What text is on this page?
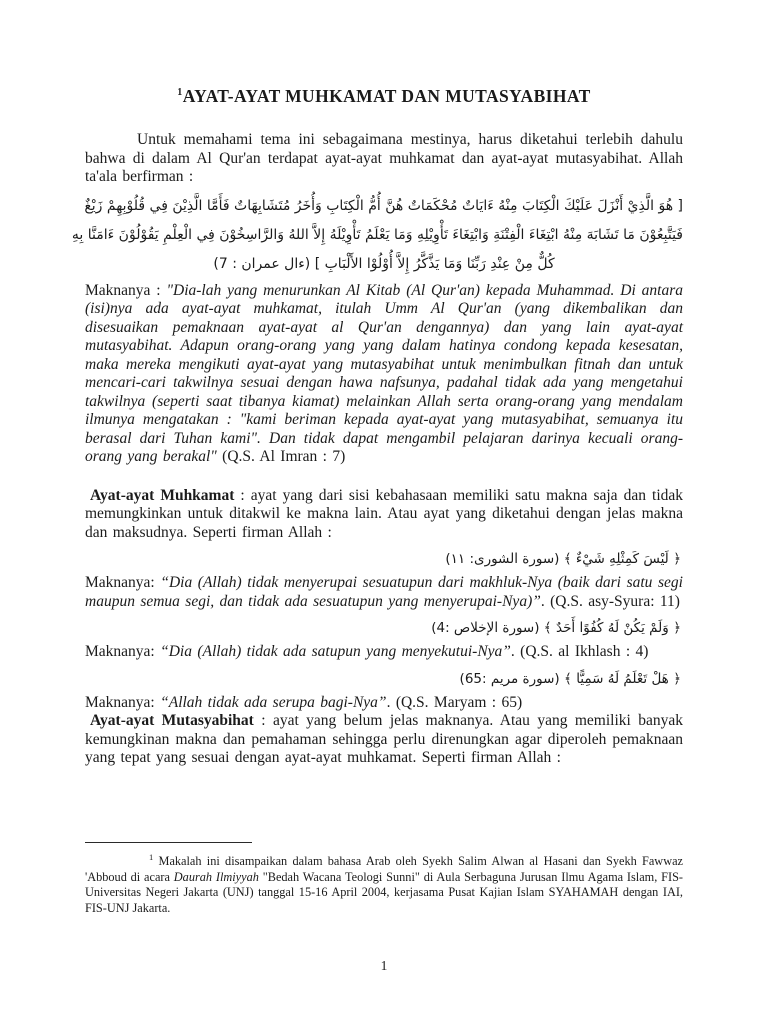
$^1$AYAT-AYAT MUHKAMAT DAN MUTASYABIHAT

Untuk memahami tema ini sebagaimana mestinya, harus diketahui terlebih dahulu bahwa di dalam Al Qur'an terdapat ayat-ayat muhkamat dan ayat-ayat mutasyabihat. Allah ta'ala berfirman :

[ هُوَ الَّذِيْ أَنْزَلَ عَلَيْكَ الْكِتَابَ مِنْهُ ءَايَاتٌ مُحْكَمَاتٌ هُنَّ أُمُّ الْكِتَابِ وَأُخَرُ مُتَشَابِهَاتٌ فَأَمَّا الَّذِيْنَ فِي قُلُوْبِهِمْ زَيْغٌ
فَيَتَّبِعُوْنَ مَا تَشَابَهَ مِنْهُ ابْتِغَاءَ الْفِتْنَةِ وَابْتِغَاءَ تَأْوِيْلِهِ وَمَا يَعْلَمُ تَأْوِيْلَهُ إِلاَّ اللهُ وَالرَّاسِخُوْنَ فِي الْعِلْمِ يَقُوْلُوْنَ ءَامَنَّا بِهِ
كُلٌّ مِنْ عِنْدِ رَبِّنَا وَمَا يَذَّكَّرُ إِلاَّ أُوْلُوْا الأَلْبَابِ ] (ءال عمران : 7)

Maknanya : "Dia-lah yang menurunkan Al Kitab (Al Qur'an) kepada Muhammad. Di antara (isi)nya ada ayat-ayat muhkamat, itulah Umm Al Qur'an (yang dikembalikan dan disesuaikan pemaknaan ayat-ayat al Qur'an dengannya) dan yang lain ayat-ayat mutasyabihat. Adapun orang-orang yang yang dalam hatinya condong kepada kesesatan, maka mereka mengikuti ayat-ayat yang mutasyabihat untuk menimbulkan fitnah dan untuk mencari-cari takwilnya sesuai dengan hawa nafsunya, padahal tidak ada yang mengetahui takwilnya (seperti saat tibanya kiamat) melainkan Allah serta orang-orang yang mendalam ilmunya mengatakan : "kami beriman kepada ayat-ayat yang mutasyabihat, semuanya itu berasal dari Tuhan kami". Dan tidak dapat mengambil pelajaran darinya kecuali orang-orang yang berakal" (Q.S. Al Imran : 7)

Ayat-ayat Muhkamat : ayat yang dari sisi kebahasaan memiliki satu makna saja dan tidak memungkinkan untuk ditakwil ke makna lain. Atau ayat yang diketahui dengan jelas makna dan maksudnya. Seperti firman Allah :

﴿ لَيْسَ كَمِثْلِهِ شَيْءٌ ﴾ (سورة الشورى: ١١)

Maknanya: “Dia (Allah) tidak menyerupai sesuatupun dari makhluk-Nya (baik dari satu segi maupun semua segi, dan tidak ada sesuatupun yang menyerupai-Nya)”. (Q.S. asy-Syura: 11)

﴿ وَلَمْ يَكُنْ لَهُ كُفُوًا أَحَدٌ ﴾ (سورة الإخلاص :4)

Maknanya: “Dia (Allah) tidak ada satupun yang menyekutui-Nya”. (Q.S. al Ikhlash : 4)

﴿ هَلْ تَعْلَمُ لَهُ سَمِيًّا ﴾ (سورة مريم :65)

Maknanya: “Allah tidak ada serupa bagi-Nya”. (Q.S. Maryam : 65)

Ayat-ayat Mutasyabihat : ayat yang belum jelas maknanya. Atau yang memiliki banyak kemungkinan makna dan pemahaman sehingga perlu direnungkan agar diperoleh pemaknaan yang tepat yang sesuai dengan ayat-ayat muhkamat. Seperti firman Allah :

$^1$ Makalah ini disampaikan dalam bahasa Arab oleh Syekh Salim Alwan al Hasani dan Syekh Fawwaz 'Abboud di acara Daurah Ilmiyyah "Bedah Wacana Teologi Sunni" di Aula Serbaguna Jurusan Ilmu Agama Islam, FIS-Universitas Negeri Jakarta (UNJ) tanggal 15-16 April 2004, kerjasama Pusat Kajian Islam SYAHAMAH dengan IAI, FIS-UNJ Jakarta.

1
